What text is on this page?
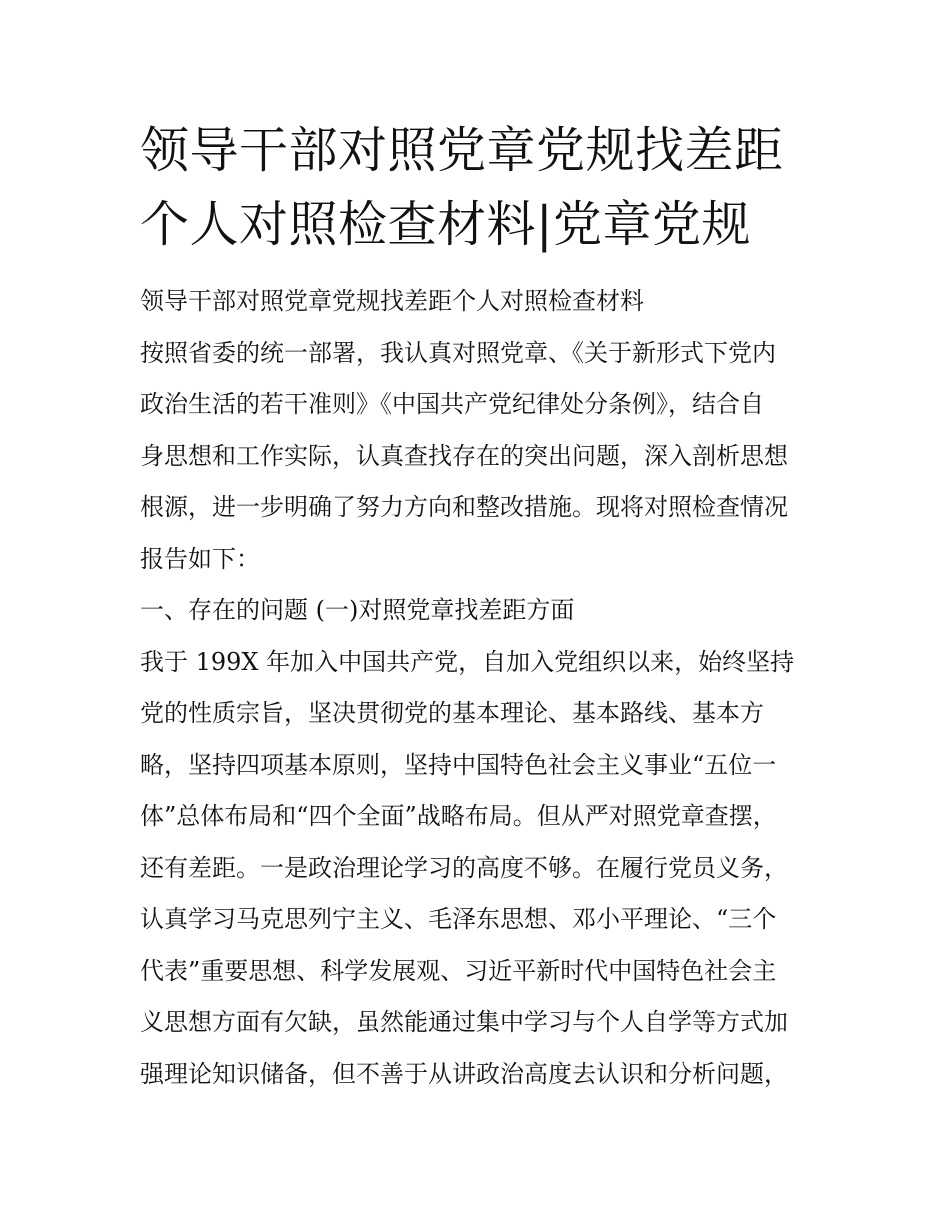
领导干部对照党章党规找差距
个人对照检查材料|党章党规
领导干部对照党章党规找差距个人对照检查材料
按照省委的统一部署，我认真对照党章、《关于新形式下党内
政治生活的若干准则》《中国共产党纪律处分条例》，结合自
身思想和工作实际，认真查找存在的突出问题，深入剖析思想
根源，进一步明确了努力方向和整改措施。现将对照检查情况
报告如下：
一、存在的问题 (一)对照党章找差距方面
我于 199X 年加入中国共产党，自加入党组织以来，始终坚持
党的性质宗旨，坚决贯彻党的基本理论、基本路线、基本方
略，坚持四项基本原则，坚持中国特色社会主义事业“五位一
体”总体布局和“四个全面”战略布局。但从严对照党章查摆，
还有差距。一是政治理论学习的高度不够。在履行党员义务，
认真学习马克思列宁主义、毛泽东思想、邓小平理论、“三个
代表”重要思想、科学发展观、习近平新时代中国特色社会主
义思想方面有欠缺，虽然能通过集中学习与个人自学等方式加
强理论知识储备，但不善于从讲政治高度去认识和分析问题，
